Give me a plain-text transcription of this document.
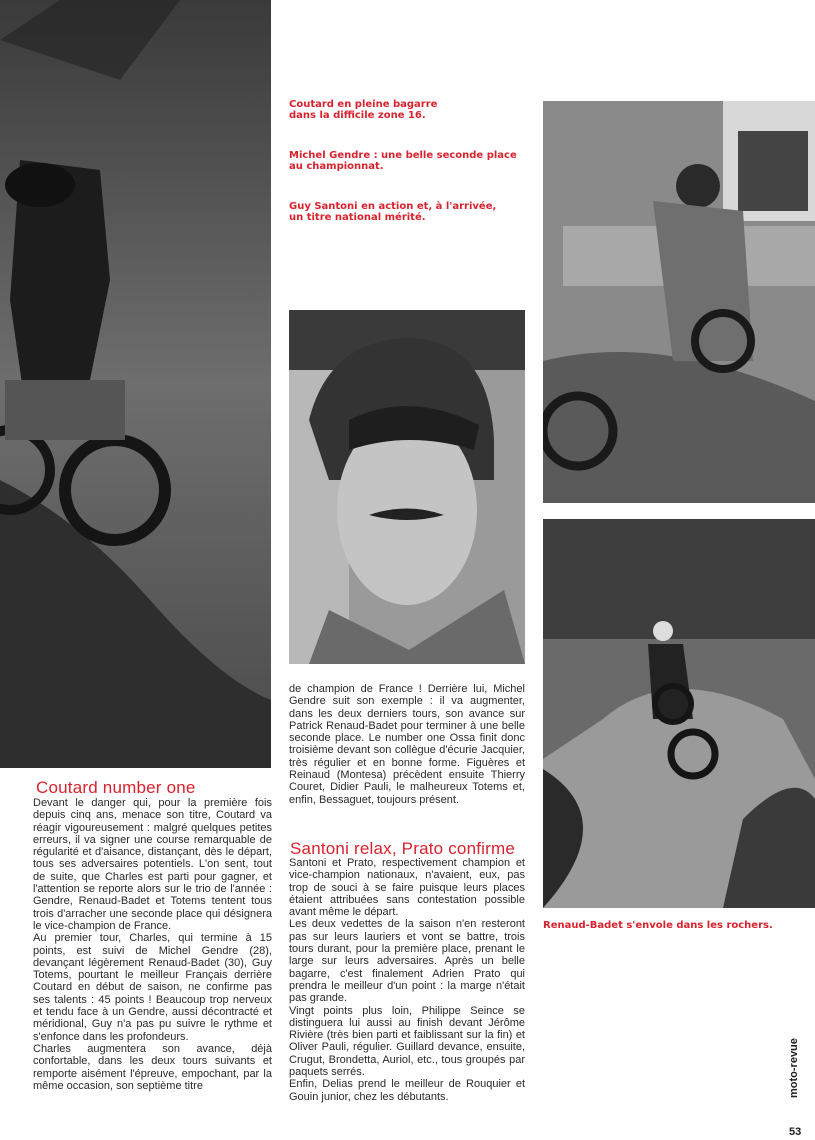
Coutard en pleine bagarre dans la difficile zone 16.
Michel Gendre : une belle seconde place au championnat.
Guy Santoni en action et, à l'arrivée, un titre national mérité.
Renaud-Badet s'envole dans les rochers.
Coutard number one

Devant le danger qui, pour la première fois depuis cinq ans, menace son titre, Coutard va réagir vigoureusement : malgré quelques petites erreurs, il va signer une course remarquable de régularité et d'aisance, distançant, dès le départ, tous ses adversaires potentiels. L'on sent, tout de suite, que Charles est parti pour gagner, et l'attention se reporte alors sur le trio de l'année : Gendre, Renaud-Badet et Totems tentent tous trois d'arracher une seconde place qui désignera le vice-champion de France.

Au premier tour, Charles, qui termine à 15 points, est suivi de Michel Gendre (28), devançant légèrement Renaud-Badet (30), Guy Totems, pourtant le meilleur Français derrière Coutard en début de saison, ne confirme pas ses talents : 45 points ! Beaucoup trop nerveux et tendu face à un Gendre, aussi décontracté et méridional, Guy n'a pas pu suivre le rythme et s'enfonce dans les profondeurs.

Charles augmentera son avance, déjà confortable, dans les deux tours suivants et remporte aisément l'épreuve, empochant, par la même occasion, son septième titre

de champion de France ! Derrière lui, Michel Gendre suit son exemple : il va augmenter, dans les deux derniers tours, son avance sur Patrick Renaud-Badet pour terminer à une belle seconde place. Le number one Ossa finit donc troisième devant son collègue d'écurie Jacquier, très régulier et en bonne forme. Figuères et Reinaud (Montesa) précèdent ensuite Thierry Couret, Didier Pauli, le malheureux Totems et, enfin, Bessaguet, toujours présent.

Santoni relax, Prato confirme

Santoni et Prato, respectivement champion et vice-champion nationaux, n'avaient, eux, pas trop de souci à se faire puisque leurs places étaient attribuées sans contestation possible avant même le départ.

Les deux vedettes de la saison n'en resteront pas sur leurs lauriers et vont se battre, trois tours durant, pour la première place, prenant le large sur leurs adversaires. Après un belle bagarre, c'est finalement Adrien Prato qui prendra le meilleur d'un point : la marge n'était pas grande.

Vingt points plus loin, Philippe Seince se distinguera lui aussi au finish devant Jérôme Rivière (très bien parti et faiblissant sur la fin) et Oliver Pauli, régulier. Guillard devance, ensuite, Crugut, Brondetta, Auriol, etc., tous groupés par paquets serrés.

Enfin, Delias prend le meilleur de Rouquier et Gouin junior, chez les débutants.	moto-revue
53
